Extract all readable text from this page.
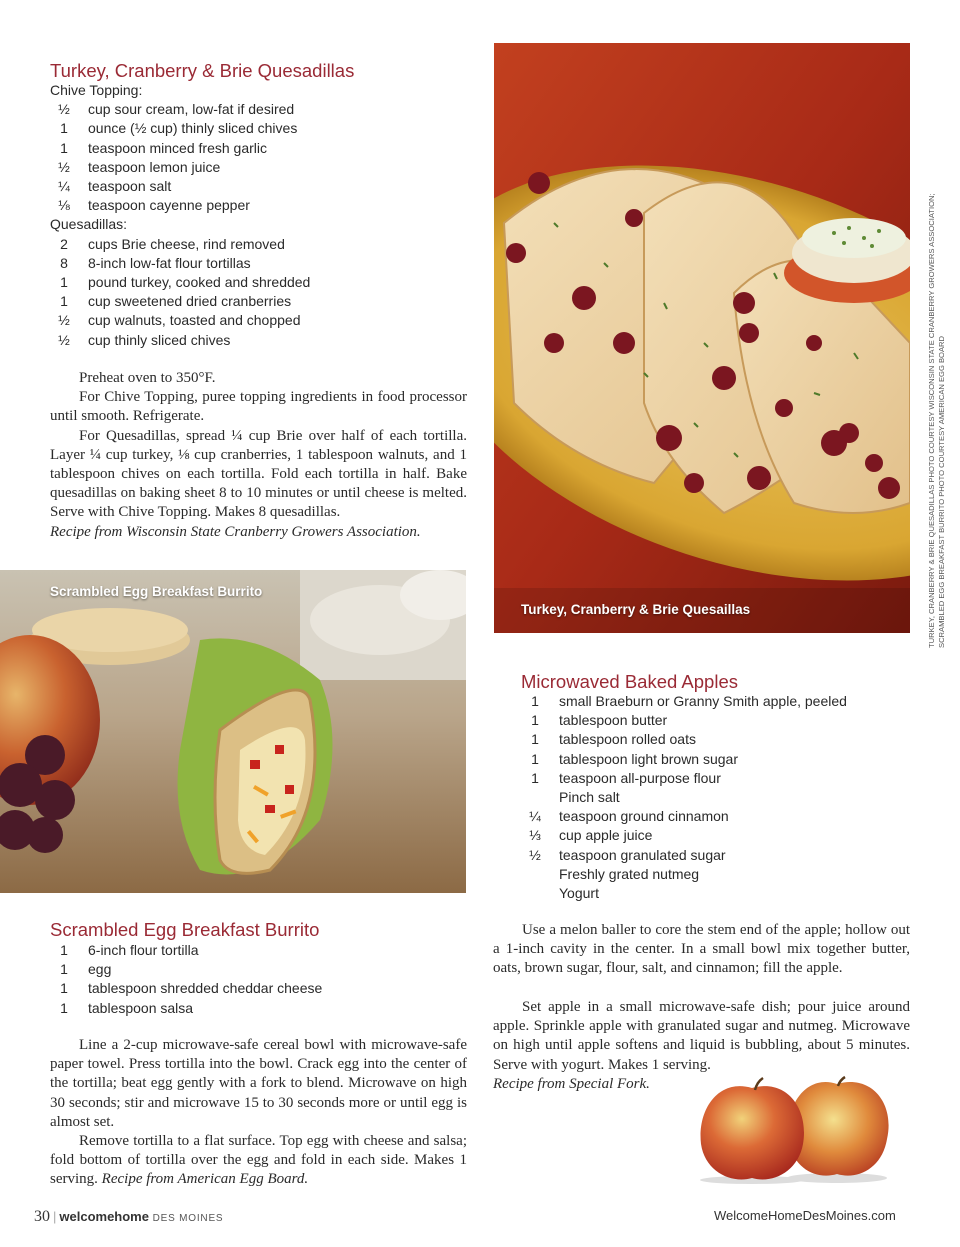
Turkey, Cranberry & Brie Quesadillas
Chive Topping:
½	cup sour cream, low-fat if desired
1	ounce (½ cup) thinly sliced chives
1	teaspoon minced fresh garlic
½	teaspoon lemon juice
¼	teaspoon salt
⅛	teaspoon cayenne pepper
Quesadillas:
2	cups Brie cheese, rind removed
8	8-inch low-fat flour tortillas
1	pound turkey, cooked and shredded
1	cup sweetened dried cranberries
½	cup walnuts, toasted and chopped
½	cup thinly sliced chives

Preheat oven to 350°F.

For Chive Topping, puree topping ingredients in food processor until smooth. Refrigerate.

For Quesadillas, spread ¼ cup Brie over half of each tortilla. Layer ¼ cup turkey, ⅛ cup cranberries, 1 tablespoon walnuts, and 1 tablespoon chives on each tortilla. Fold each tortilla in half. Bake quesadillas on baking sheet 8 to 10 minutes or until cheese is melted. Serve with Chive Topping. Makes 8 quesadillas.

Recipe from Wisconsin State Cranberry Growers Association.

Turkey, Cranberry & Brie Quesaillas	TURKEY, CRANBERRY & BRIE QUESADILLAS PHOTO COURTESY WISCONSIN STATE CRANBERRY GROWERS ASSOCIATION; SCRAMBLED EGG BREAKFAST BURRITO PHOTO COURTESY AMERICAN EGG BOARD
Scrambled Egg Breakfast Burrito
Scrambled Egg Breakfast Burrito
1	6-inch flour tortilla
1	egg
1	tablespoon shredded cheddar cheese
1	tablespoon salsa

Line a 2-cup microwave-safe cereal bowl with microwave-safe paper towel. Press tortilla into the bowl. Crack egg into the center of the tortilla; beat egg gently with a fork to blend. Microwave on high 30 seconds; stir and microwave 15 to 30 seconds more or until egg is almost set.

Remove tortilla to a flat surface. Top egg with cheese and salsa; fold bottom of tortilla over the egg and fold in each side. Makes 1 serving. Recipe from American Egg Board.

Microwaved Baked Apples
1	small Braeburn or Granny Smith apple, peeled
1	tablespoon butter
1	tablespoon rolled oats
1	tablespoon light brown sugar
1	teaspoon all-purpose flour
Pinch salt
¼	teaspoon ground cinnamon
⅓	cup apple juice
½	teaspoon granulated sugar
Freshly grated nutmeg
Yogurt

Use a melon baller to core the stem end of the apple; hollow out a 1-inch cavity in the center. In a small bowl mix together butter, oats, brown sugar, flour, salt, and cinnamon; fill the apple.

Set apple in a small microwave-safe dish; pour juice around apple. Sprinkle apple with granulated sugar and nutmeg. Microwave on high until apple softens and liquid is bubbling, about 5 minutes. Serve with yogurt. Makes 1 serving.

Recipe from Special Fork.

30 | welcomehome DES MOINES	WelcomeHomeDesMoines.com
